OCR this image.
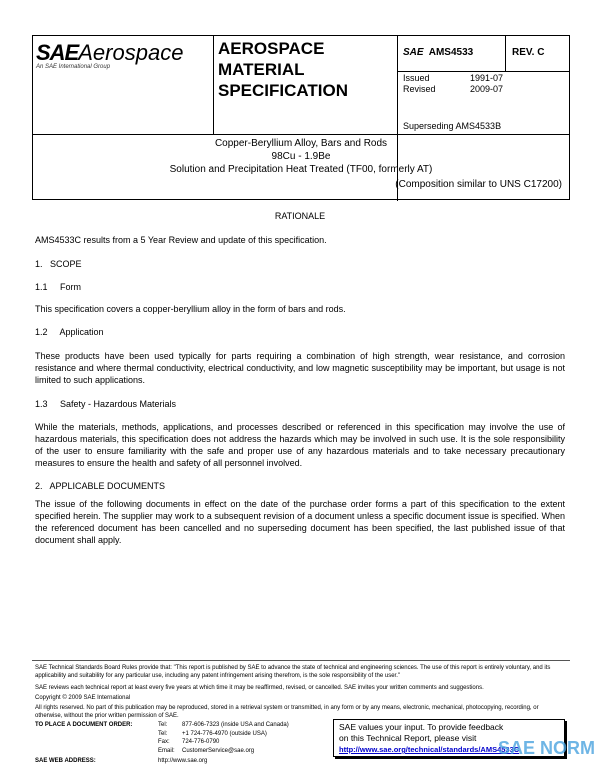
SAEAerospace
An SAE International Group
AEROSPACE
MATERIAL
SPECIFICATION
SAE AMS4533	REV. C
Issued	1991-07
Revised	2009-07
Superseding AMS4533B
Copper-Beryllium Alloy, Bars and Rods
98Cu - 1.9Be
Solution and Precipitation Heat Treated (TF00, formerly AT)
(Composition similar to UNS C17200)
RATIONALE
AMS4533C results from a 5 Year Review and update of this specification.
1.   SCOPE
1.1     Form
This specification covers a copper-beryllium alloy in the form of bars and rods.
1.2     Application
These products have been used typically for parts requiring a combination of high strength, wear resistance, and corrosion resistance and where thermal conductivity, electrical conductivity, and low magnetic susceptibility may be important, but usage is not limited to such applications.
1.3     Safety - Hazardous Materials
While the materials, methods, applications, and processes described or referenced in this specification may involve the use of hazardous materials, this specification does not address the hazards which may be involved in such use. It is the sole responsibility of the user to ensure familiarity with the safe and proper use of any hazardous materials and to take necessary precautionary measures to ensure the health and safety of all personnel involved.
2.   APPLICABLE DOCUMENTS
The issue of the following documents in effect on the date of the purchase order forms a part of this specification to the extent specified herein. The supplier may work to a subsequent revision of a document unless a specific document issue is specified. When the referenced document has been cancelled and no superseding document has been specified, the last published issue of that document shall apply.
SAE Technical Standards Board Rules provide that: "This report is published by SAE to advance the state of technical and engineering sciences. The use of this report is entirely voluntary, and its applicability and suitability for any particular use, including any patent infringement arising therefrom, is the sole responsibility of the user."
SAE reviews each technical report at least every five years at which time it may be reaffirmed, revised, or cancelled. SAE invites your written comments and suggestions.
Copyright © 2009 SAE International
All rights reserved. No part of this publication may be reproduced, stored in a retrieval system or transmitted, in any form or by any means, electronic, mechanical, photocopying, recording, or otherwise, without the prior written permission of SAE.
TO PLACE A DOCUMENT ORDER:	Tel: 877-606-7323 (inside USA and Canada)
Tel: +1 724-776-4970 (outside USA)
Fax: 724-776-0790
Email: CustomerService@sae.org
SAE WEB ADDRESS:	http://www.sae.org
SAE values your input. To provide feedback
on this Technical Report, please visit
http://www.sae.org/technical/standards/AMS4533C
SAE NORM
